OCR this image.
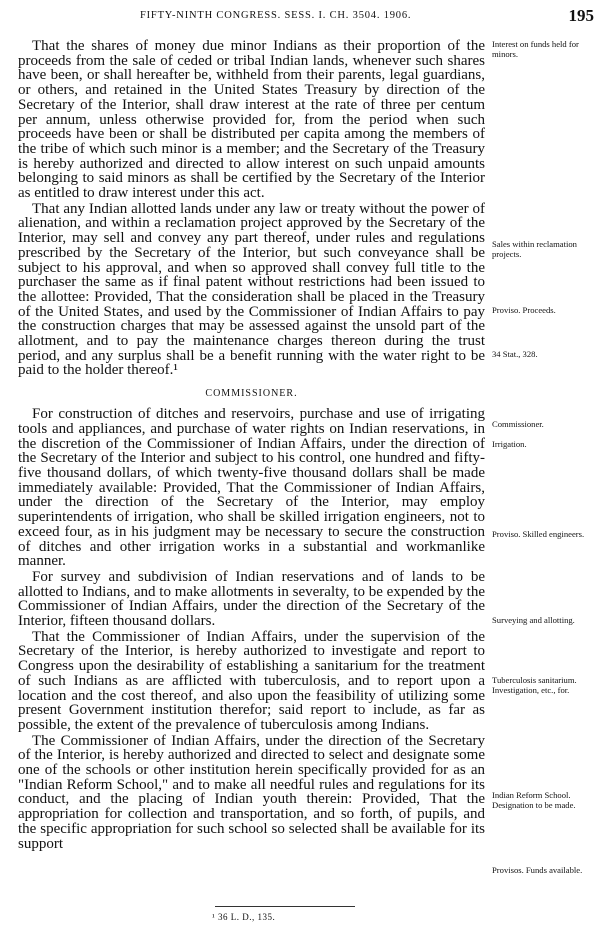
FIFTY-NINTH CONGRESS. SESS. I. CH. 3504. 1906.	195

That the shares of money due minor Indians as their proportion of the proceeds from the sale of ceded or tribal Indian lands, whenever such shares have been, or shall hereafter be, withheld from their parents, legal guardians, or others, and retained in the United States Treasury by direction of the Secretary of the Interior, shall draw interest at the rate of three per centum per annum, unless otherwise provided for, from the period when such proceeds have been or shall be distributed per capita among the members of the tribe of which such minor is a member; and the Secretary of the Treasury is hereby authorized and directed to allow interest on such unpaid amounts belonging to said minors as shall be certified by the Secretary of the Interior as entitled to draw interest under this act.

That any Indian allotted lands under any law or treaty without the power of alienation, and within a reclamation project approved by the Secretary of the Interior, may sell and convey any part thereof, under rules and regulations prescribed by the Secretary of the Interior, but such conveyance shall be subject to his approval, and when so approved shall convey full title to the purchaser the same as if final patent without restrictions had been issued to the allottee: Provided, That the consideration shall be placed in the Treasury of the United States, and used by the Commissioner of Indian Affairs to pay the construction charges that may be assessed against the unsold part of the allotment, and to pay the maintenance charges thereon during the trust period, and any surplus shall be a benefit running with the water right to be paid to the holder thereof.¹

COMMISSIONER.

For construction of ditches and reservoirs, purchase and use of irrigating tools and appliances, and purchase of water rights on Indian reservations, in the discretion of the Commissioner of Indian Affairs, under the direction of the Secretary of the Interior and subject to his control, one hundred and fifty-five thousand dollars, of which twenty-five thousand dollars shall be made immediately available: Provided, That the Commissioner of Indian Affairs, under the direction of the Secretary of the Interior, may employ superintendents of irrigation, who shall be skilled irrigation engineers, not to exceed four, as in his judgment may be necessary to secure the construction of ditches and other irrigation works in a substantial and workmanlike manner.

For survey and subdivision of Indian reservations and of lands to be allotted to Indians, and to make allotments in severalty, to be expended by the Commissioner of Indian Affairs, under the direction of the Secretary of the Interior, fifteen thousand dollars.

That the Commissioner of Indian Affairs, under the supervision of the Secretary of the Interior, is hereby authorized to investigate and report to Congress upon the desirability of establishing a sanitarium for the treatment of such Indians as are afflicted with tuberculosis, and to report upon a location and the cost thereof, and also upon the feasibility of utilizing some present Government institution therefor; said report to include, as far as possible, the extent of the prevalence of tuberculosis among Indians.

The Commissioner of Indian Affairs, under the direction of the Secretary of the Interior, is hereby authorized and directed to select and designate some one of the schools or other institution herein specifically provided for as an "Indian Reform School," and to make all needful rules and regulations for its conduct, and the placing of Indian youth therein: Provided, That the appropriation for collection and transportation, and so forth, of pupils, and the specific appropriation for such school so selected shall be available for its support

Interest on funds held for minors.
Sales within reclamation projects.
Proviso. Proceeds.
34 Stat., 328.
Commissioner.
Irrigation.
Proviso. Skilled engineers.
Surveying and allotting.
Tuberculosis sanitarium. Investigation, etc., for.
Indian Reform School. Designation to be made.
Provisos. Funds available.
¹ 36 L. D., 135.
